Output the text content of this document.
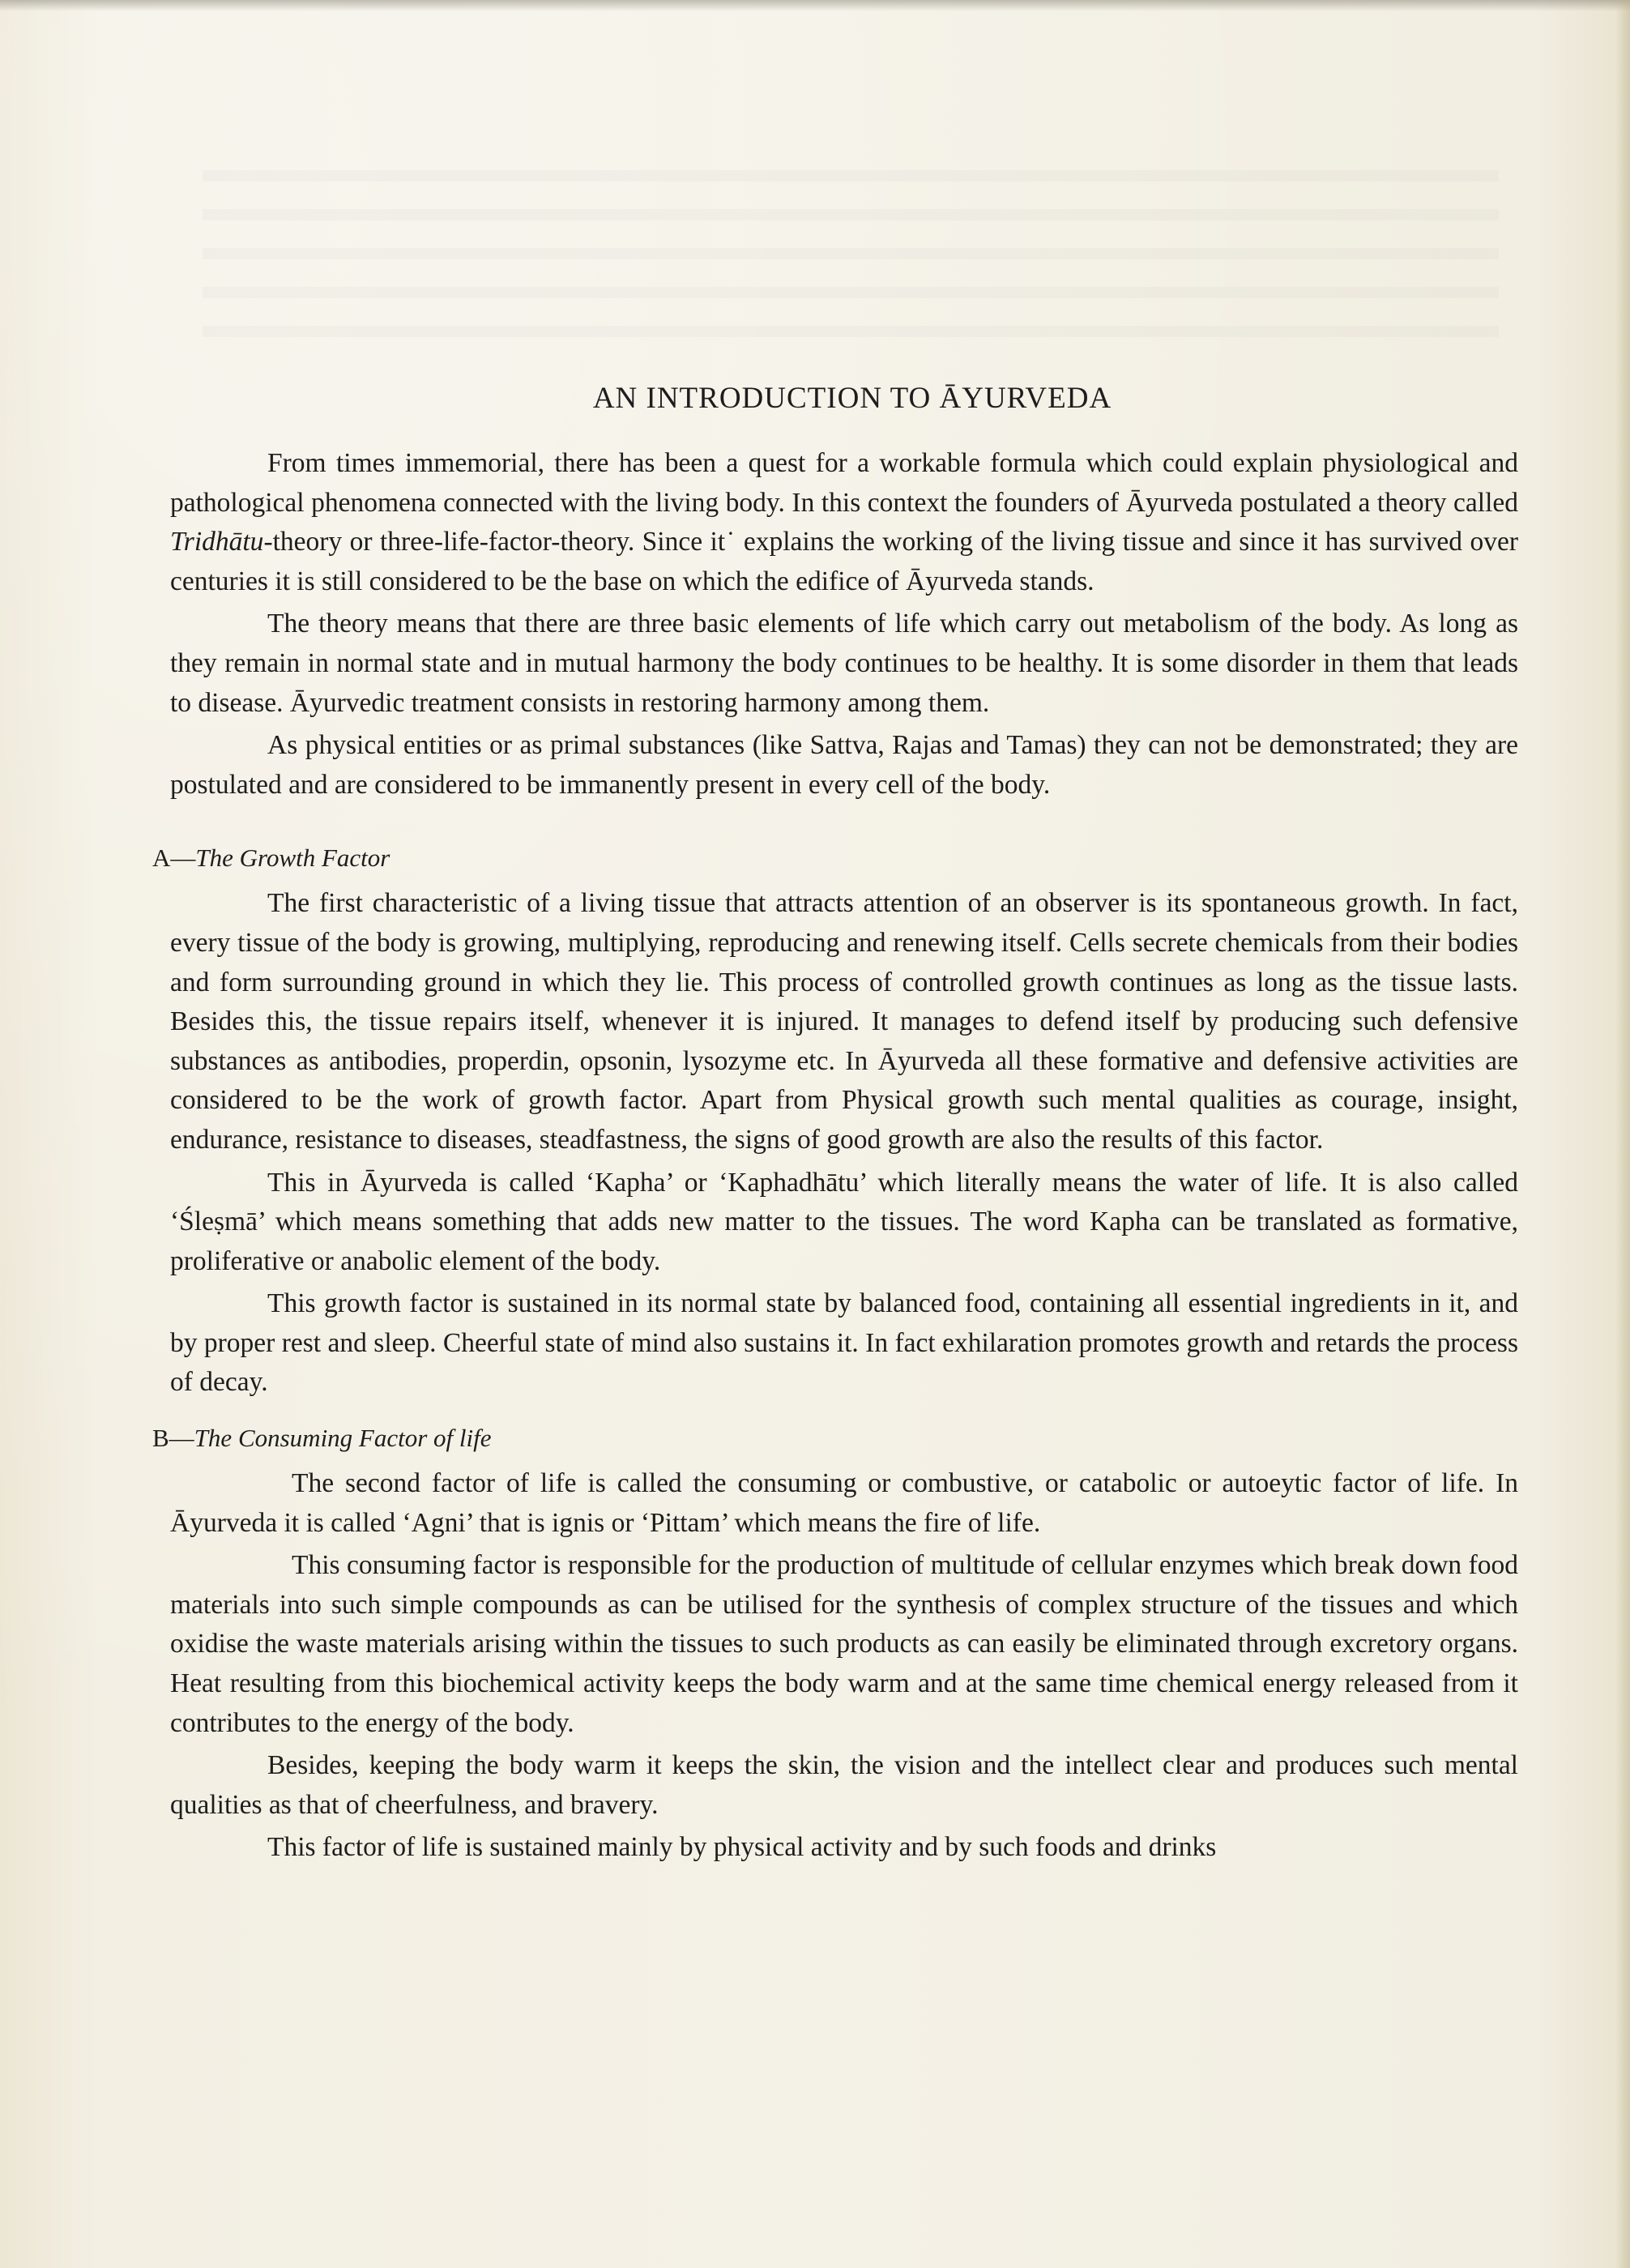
AN INTRODUCTION TO ĀYURVEDA

From times immemorial, there has been a quest for a workable formula which could explain physiological and pathological phenomena connected with the living body. In this context the founders of Āyurveda postulated a theory called Tridhātu-theory or three-life-factor-theory. Since it˙ explains the working of the living tissue and since it has survived over centuries it is still considered to be the base on which the edifice of Āyurveda stands.

The theory means that there are three basic elements of life which carry out metabolism of the body. As long as they remain in normal state and in mutual harmony the body continues to be healthy. It is some disorder in them that leads to disease. Āyurvedic treatment consists in restoring harmony among them.

As physical entities or as primal substances (like Sattva, Rajas and Tamas) they can not be demonstrated; they are postulated and are considered to be immanently present in every cell of the body.

A—The Growth Factor

The first characteristic of a living tissue that attracts attention of an observer is its spontaneous growth. In fact, every tissue of the body is growing, multiplying, reproducing and renewing itself. Cells secrete chemicals from their bodies and form surrounding ground in which they lie. This process of controlled growth continues as long as the tissue lasts. Besides this, the tissue repairs itself, whenever it is injured. It manages to defend itself by producing such defensive substances as antibodies, properdin, opsonin, lysozyme etc. In Āyurveda all these formative and defensive activities are considered to be the work of growth factor. Apart from Physical growth such mental qualities as courage, insight, endurance, resistance to diseases, steadfastness, the signs of good growth are also the results of this factor.

This in Āyurveda is called ‘Kapha’ or ‘Kaphadhātu’ which literally means the water of life. It is also called ‘Śleṣmā’ which means something that adds new matter to the tissues. The word Kapha can be translated as formative, proliferative or anabolic element of the body.

This growth factor is sustained in its normal state by balanced food, containing all essential ingredients in it, and by proper rest and sleep. Cheerful state of mind also sustains it. In fact exhilaration promotes growth and retards the process of decay.

B—The Consuming Factor of life

The second factor of life is called the consuming or combustive, or catabolic or autoeytic factor of life. In Āyurveda it is called ‘Agni’ that is ignis or ‘Pittam’ which means the fire of life.

This consuming factor is responsible for the production of multitude of cellular enzymes which break down food materials into such simple compounds as can be utilised for the synthesis of complex structure of the tissues and which oxidise the waste materials arising within the tissues to such products as can easily be eliminated through excretory organs. Heat resulting from this biochemical activity keeps the body warm and at the same time chemical energy released from it contributes to the energy of the body.

Besides, keeping the body warm it keeps the skin, the vision and the intellect clear and produces such mental qualities as that of cheerfulness, and bravery.

This factor of life is sustained mainly by physical activity and by such foods and drinks
